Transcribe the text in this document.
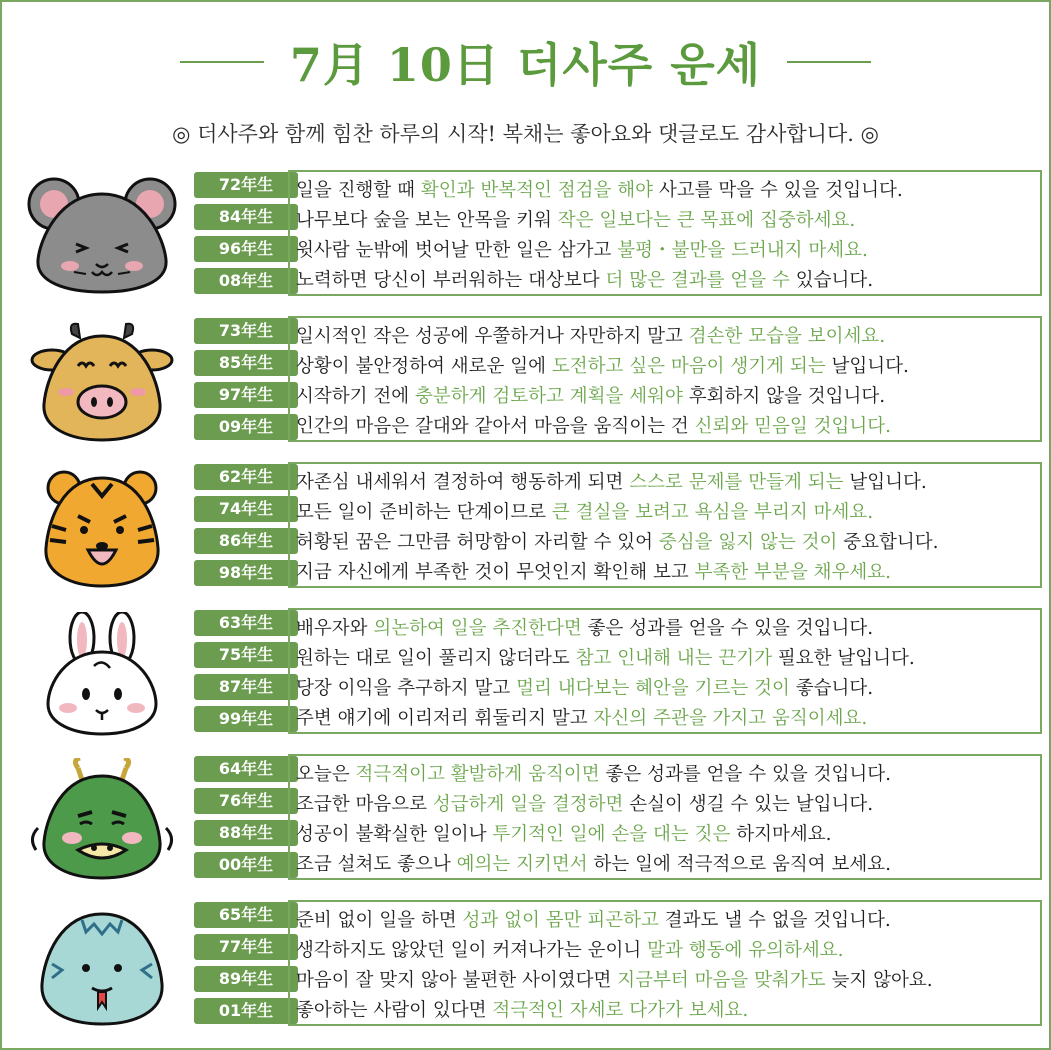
7月 10日 더사주 운세
◎ 더사주와 함께 힘찬 하루의 시작! 복채는 좋아요와 댓글로도 감사합니다. ◎
72年生
84年生
96年生
08年生
일을 진행할 때 확인과 반복적인 점검을 해야 사고를 막을 수 있을 것입니다.
나무보다 숲을 보는 안목을 키워 작은 일보다는 큰 목표에 집중하세요.
윗사람 눈밖에 벗어날 만한 일은 삼가고 불평・불만을 드러내지 마세요.
노력하면 당신이 부러워하는 대상보다 더 많은 결과를 얻을 수 있습니다.
73年生
85年生
97年生
09年生
일시적인 작은 성공에 우쭐하거나 자만하지 말고 겸손한 모습을 보이세요.
상황이 불안정하여 새로운 일에 도전하고 싶은 마음이 생기게 되는 날입니다.
시작하기 전에 충분하게 검토하고 계획을 세워야 후회하지 않을 것입니다.
인간의 마음은 갈대와 같아서 마음을 움직이는 건 신뢰와 믿음일 것입니다.
62年生
74年生
86年生
98年生
자존심 내세워서 결정하여 행동하게 되면 스스로 문제를 만들게 되는 날입니다.
모든 일이 준비하는 단계이므로 큰 결실을 보려고 욕심을 부리지 마세요.
허황된 꿈은 그만큼 허망함이 자리할 수 있어 중심을 잃지 않는 것이 중요합니다.
지금 자신에게 부족한 것이 무엇인지 확인해 보고 부족한 부분을 채우세요.
63年生
75年生
87年生
99年生
배우자와 의논하여 일을 추진한다면 좋은 성과를 얻을 수 있을 것입니다.
원하는 대로 일이 풀리지 않더라도 참고 인내해 내는 끈기가 필요한 날입니다.
당장 이익을 추구하지 말고 멀리 내다보는 혜안을 기르는 것이 좋습니다.
주변 얘기에 이리저리 휘둘리지 말고 자신의 주관을 가지고 움직이세요.
64年生
76年生
88年生
00年生
오늘은 적극적이고 활발하게 움직이면 좋은 성과를 얻을 수 있을 것입니다.
조급한 마음으로 성급하게 일을 결정하면 손실이 생길 수 있는 날입니다.
성공이 불확실한 일이나 투기적인 일에 손을 대는 짓은 하지마세요.
조금 설쳐도 좋으나 예의는 지키면서 하는 일에 적극적으로 움직여 보세요.
65年生
77年生
89年生
01年生
준비 없이 일을 하면 성과 없이 몸만 피곤하고 결과도 낼 수 없을 것입니다.
생각하지도 않았던 일이 커져나가는 운이니 말과 행동에 유의하세요.
마음이 잘 맞지 않아 불편한 사이였다면 지금부터 마음을 맞춰가도 늦지 않아요.
좋아하는 사람이 있다면 적극적인 자세로 다가가 보세요.
